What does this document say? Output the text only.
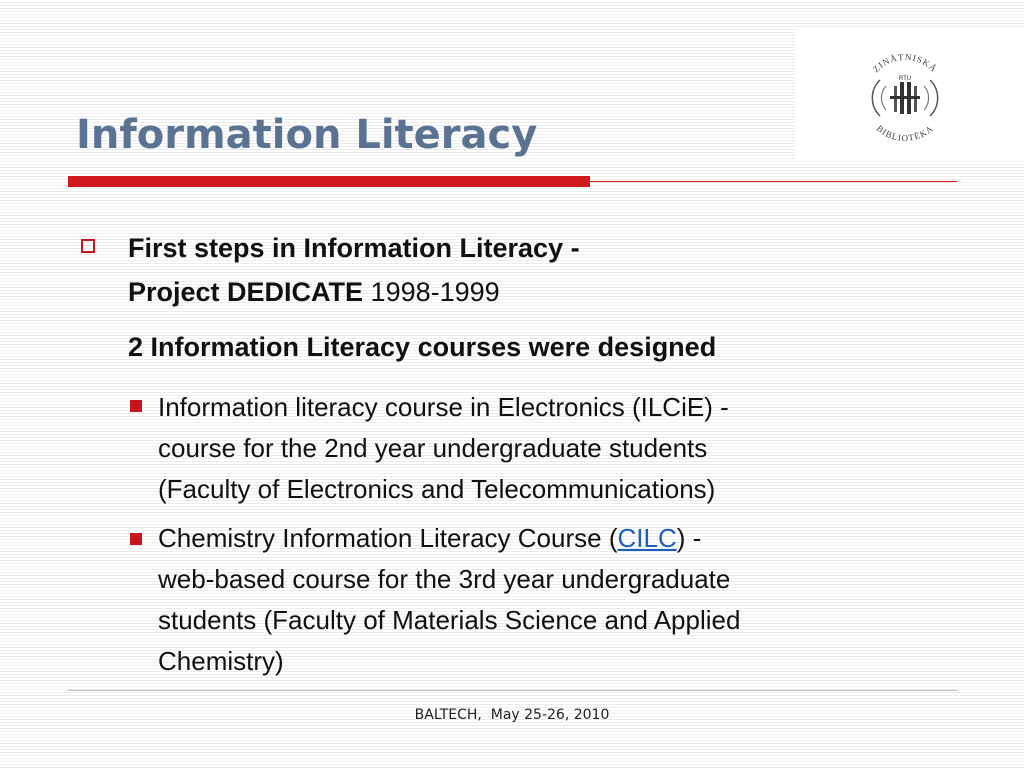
ZINĀTNISKĀ
BIBLIOTĒKA
RTU
Information Literacy

First steps in Information Literacy -

Project DEDICATE 1998-1999

2 Information Literacy courses were designed

Information literacy course in Electronics (ILCiE) -

course for the 2nd year undergraduate students

(Faculty of Electronics and Telecommunications)

Chemistry Information Literacy Course (CILC) -

web-based course for the 3rd year undergraduate

students (Faculty of Materials Science and Applied

Chemistry)

BALTECH,  May 25-26, 2010
